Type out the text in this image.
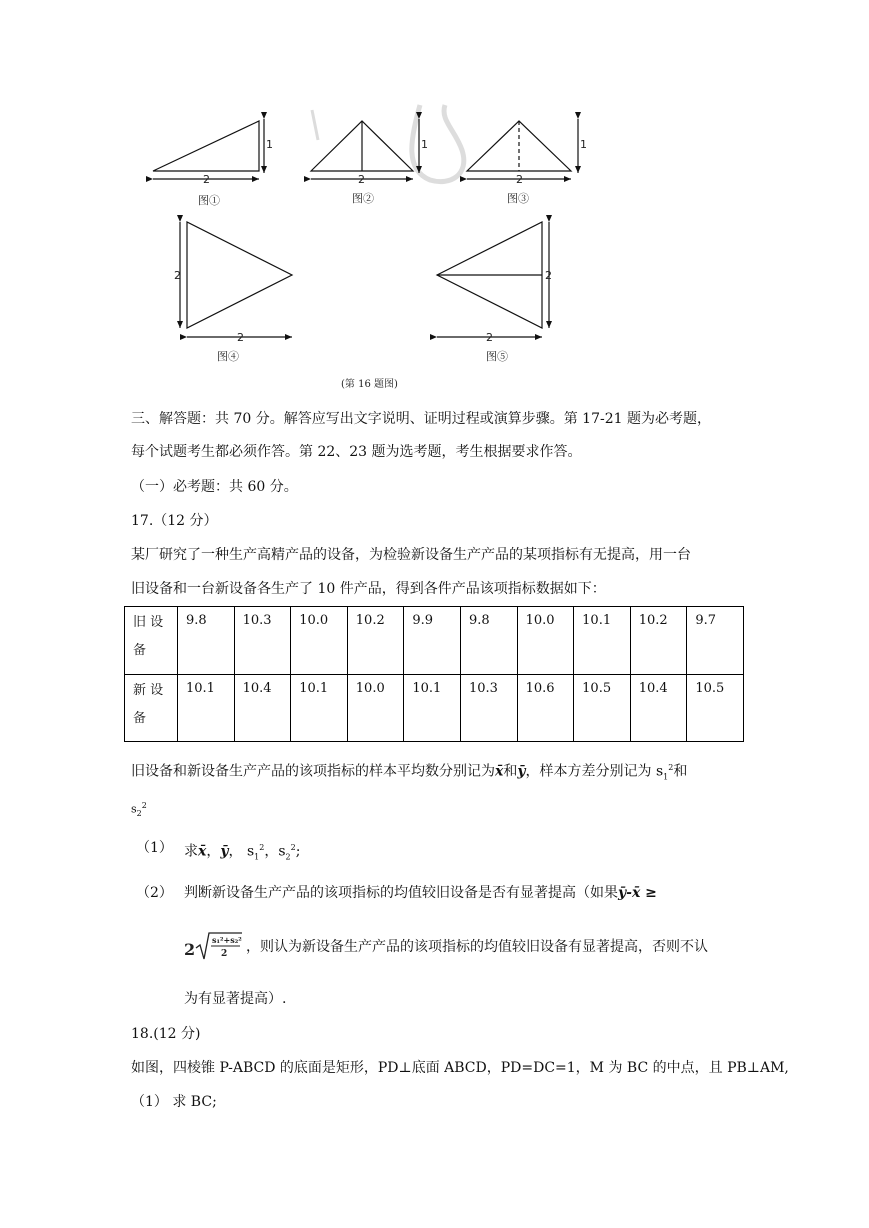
1
2
1
2
1
2
2
2
2
2
图①	图②	图③
图④	图⑤
(第 16 题图)
三、解答题：共 70 分。解答应写出文字说明、证明过程或演算步骤。第 17-21 题为必考题，
每个试题考生都必须作答。第 22、23 题为选考题，考生根据要求作答。
（一）必考题：共 60 分。
17.（12 分）
某厂研究了一种生产高精产品的设备，为检验新设备生产产品的某项指标有无提高，用一台
旧设备和一台新设备各生产了 10 件产品，得到各件产品该项指标数据如下：
旧 设
备	9.8	10.3	10.0	10.2	9.9	9.8	10.0	10.1	10.2	9.7
新 设
备	10.1	10.4	10.1	10.0	10.1	10.3	10.6	10.5	10.4	10.5
旧设备和新设备生产产品的该项指标的样本平均数分别记为x̄和ȳ，样本方差分别记为 $s_1^2$和
$s_2^2$
（1） 求x̄，ȳ， $s_1^2$，$s_2^2$;
（2） 判断新设备生产产品的该项指标的均值较旧设备是否有显著提高（如果ȳ-x̄ ≥
2 s₁²+s₂²
2 ，则认为新设备生产产品的该项指标的均值较旧设备有显著提高，否则不认
为有显著提高）.
18.(12 分)
如图，四棱锥 P-ABCD 的底面是矩形，PD⊥底面 ABCD，PD=DC=1，M 为 BC 的中点，且 PB⊥AM,
（1） 求 BC;
